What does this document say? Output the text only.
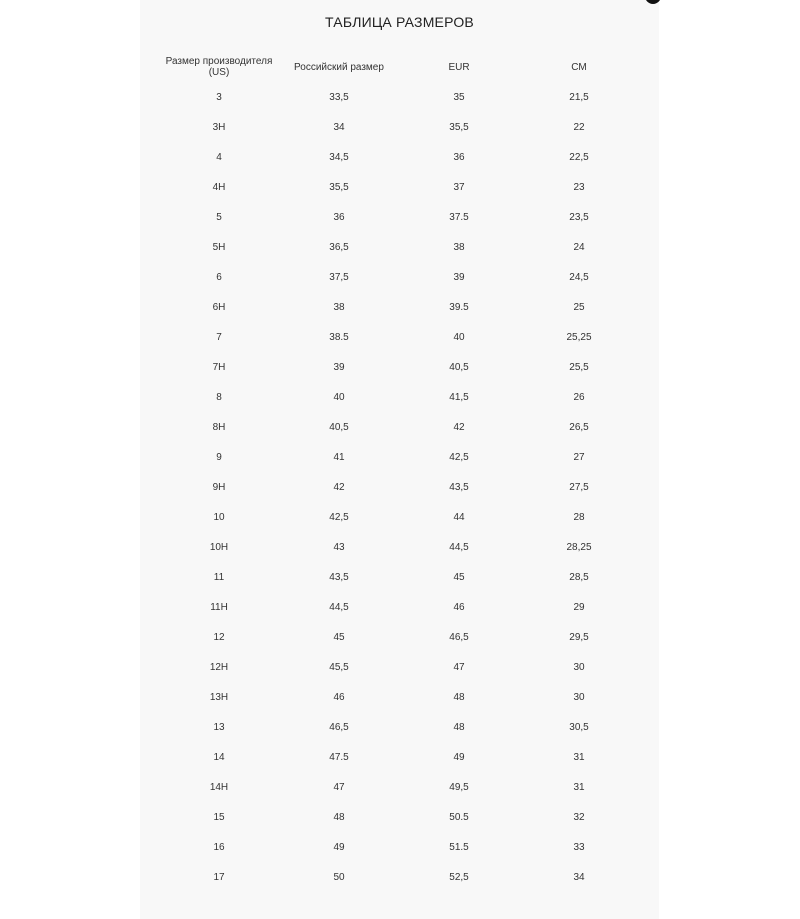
ТАБЛИЦА РАЗМЕРОВ
Размер производителя (US)	Российский размер	EUR	СМ
3	33,5	35	21,5
3H	34	35,5	22
4	34,5	36	22,5
4H	35,5	37	23
5	36	37.5	23,5
5H	36,5	38	24
6	37,5	39	24,5
6H	38	39.5	25
7	38.5	40	25,25
7H	39	40,5	25,5
8	40	41,5	26
8H	40,5	42	26,5
9	41	42,5	27
9H	42	43,5	27,5
10	42,5	44	28
10H	43	44,5	28,25
11	43,5	45	28,5
11H	44,5	46	29
12	45	46,5	29,5
12H	45,5	47	30
13H	46	48	30
13	46,5	48	30,5
14	47.5	49	31
14H	47	49,5	31
15	48	50.5	32
16	49	51.5	33
17	50	52,5	34
